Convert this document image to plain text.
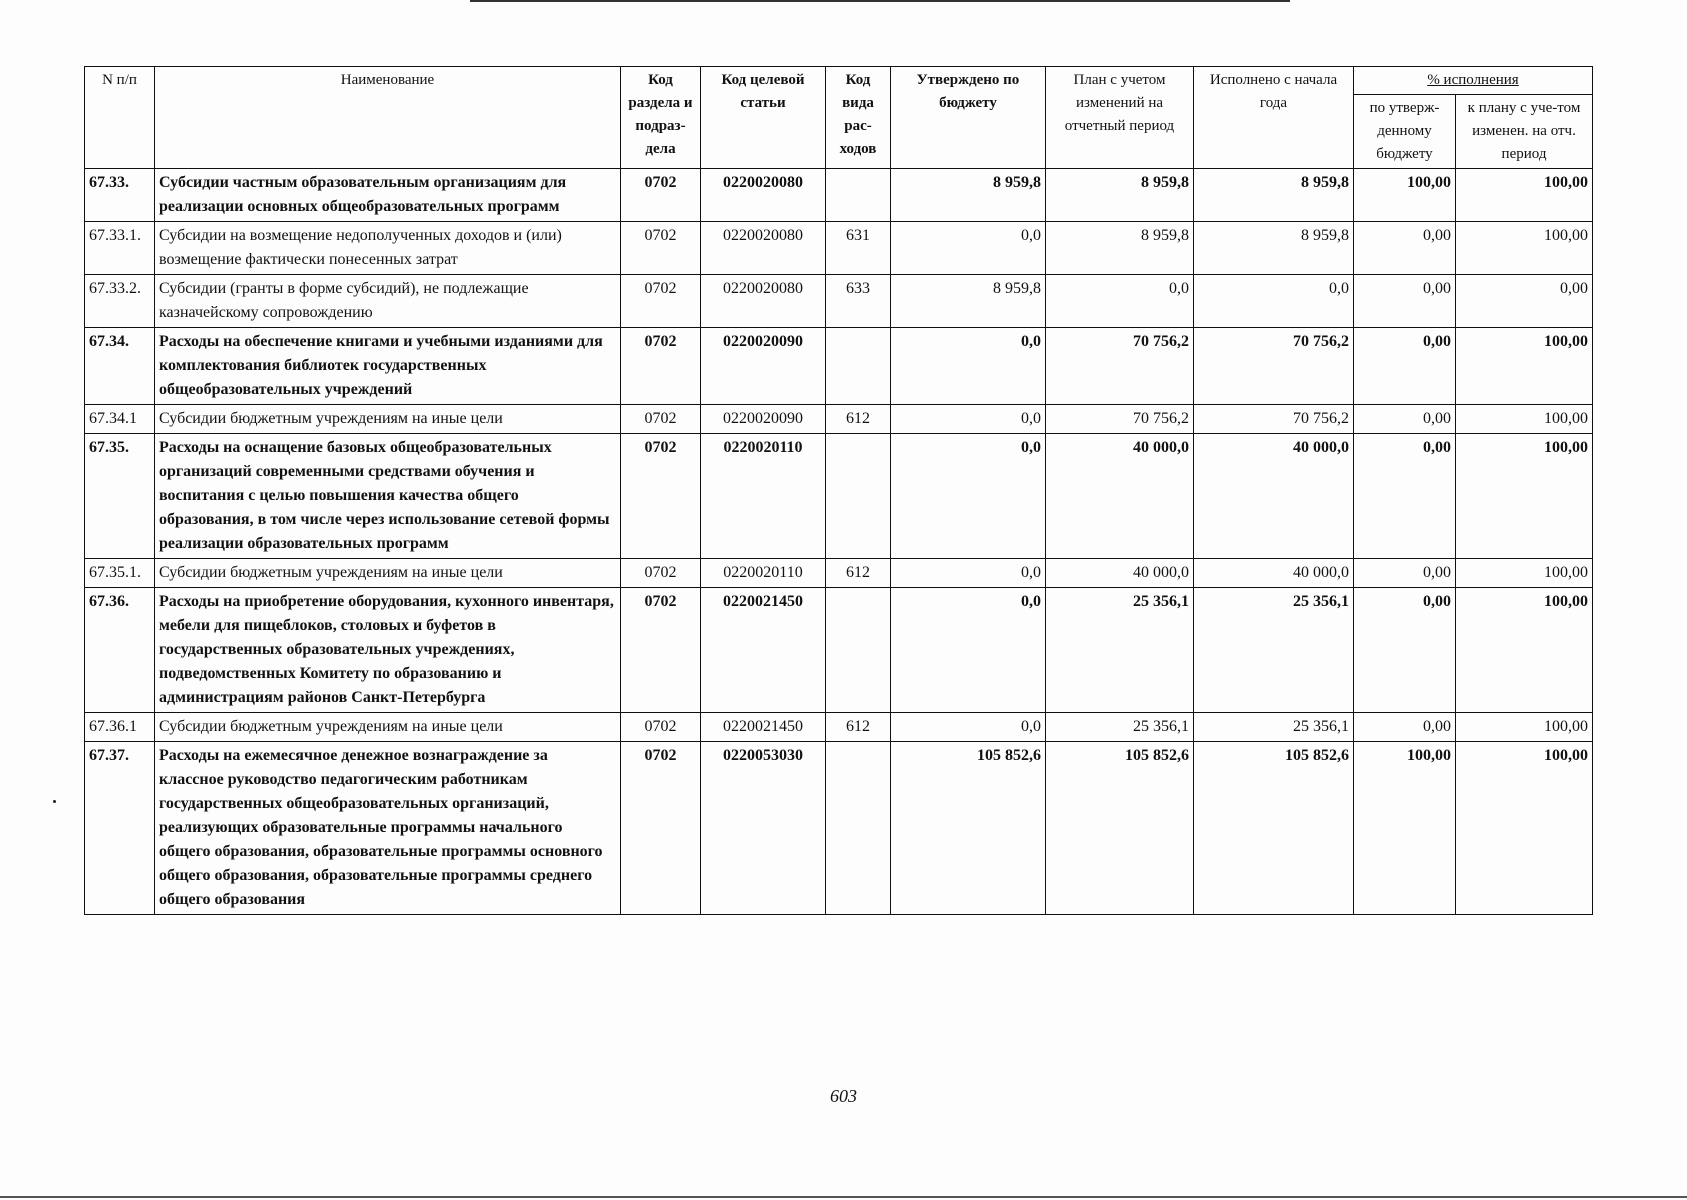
N п/п	Наименование	Код раздела и подраз-дела	Код целевой статьи	Код вида рас-ходов	Утверждено по бюджету	План с учетом изменений на отчетный период	Исполнено с начала года	% исполнения	
								по утверж-денному бюджету	к плану с уче-том изменен. на отч. период
67.33.	Субсидии частным образовательным организациям для реализации основных общеобразовательных программ	0702	0220020080		8 959,8	8 959,8	8 959,8	100,00	100,00
67.33.1.	Субсидии на возмещение недополученных доходов и (или) возмещение фактически понесенных затрат	0702	0220020080	631	0,0	8 959,8	8 959,8	0,00	100,00
67.33.2.	Субсидии (гранты в форме субсидий), не подлежащие казначейскому сопровождению	0702	0220020080	633	8 959,8	0,0	0,0	0,00	0,00
67.34.	Расходы на обеспечение книгами и учебными изданиями для комплектования библиотек государственных общеобразовательных учреждений	0702	0220020090		0,0	70 756,2	70 756,2	0,00	100,00
67.34.1	Субсидии бюджетным учреждениям на иные цели	0702	0220020090	612	0,0	70 756,2	70 756,2	0,00	100,00
67.35.	Расходы на оснащение базовых общеобразовательных организаций современными средствами обучения и воспитания с целью повышения качества общего образования, в том числе через использование сетевой формы реализации образовательных программ	0702	0220020110		0,0	40 000,0	40 000,0	0,00	100,00
67.35.1.	Субсидии бюджетным учреждениям на иные цели	0702	0220020110	612	0,0	40 000,0	40 000,0	0,00	100,00
67.36.	Расходы на приобретение оборудования, кухонного инвентаря, мебели для пищеблоков, столовых и буфетов в государственных образовательных учреждениях, подведомственных Комитету по образованию и администрациям районов Санкт-Петербурга	0702	0220021450		0,0	25 356,1	25 356,1	0,00	100,00
67.36.1	Субсидии бюджетным учреждениям на иные цели	0702	0220021450	612	0,0	25 356,1	25 356,1	0,00	100,00
67.37.	Расходы на ежемесячное денежное вознаграждение за классное руководство педагогическим работникам государственных общеобразовательных организаций, реализующих образовательные программы начального общего образования, образовательные программы основного общего образования, образовательные программы среднего общего образования	0702	0220053030		105 852,6	105 852,6	105 852,6	100,00	100,00
603
